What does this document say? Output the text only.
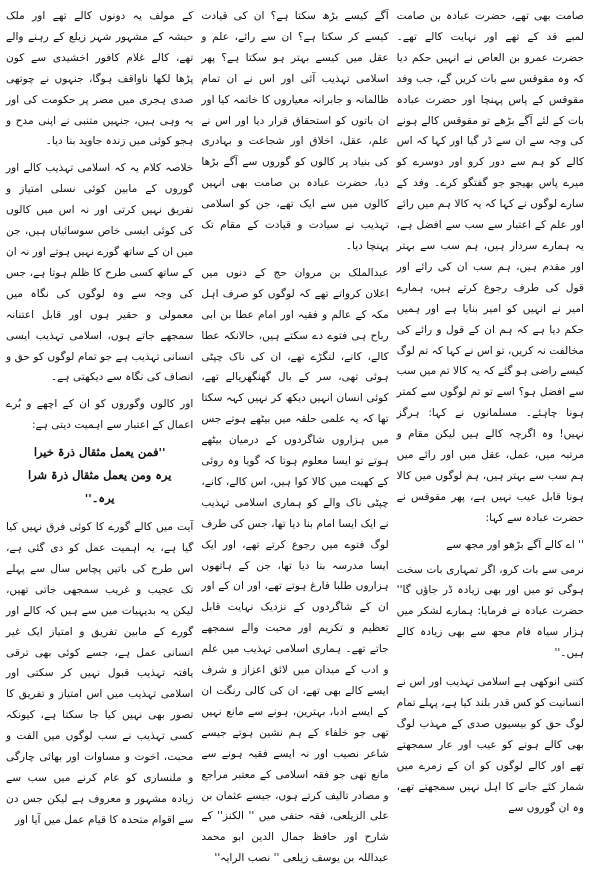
صامت بھی تھے، حضرت عبادہ بن صامت لمبے قد کے تھے اور نہایت کالے تھے۔ حضرت عمرو بن العاص نے انہیں حکم دیا کہ وہ مقوقس سے بات کریں گے، جب وفد مقوقس کے پاس پہنچا اور حضرت عبادہ بات کے لئے آگے بڑھے تو مقوقس کالے ہونے کی وجہ سے ان سے ڈر گیا اور کہا کہ اس کالے کو ہم سے دور کرو اور دوسرے کو میرے پاس بھیجو جو گفتگو کرے۔ وفد کے سارے لوگوں نے کہا کہ یہ کالا ہم میں رائے اور علم کے اعتبار سے سب سے افضل ہے، یہ ہمارے سردار ہیں، ہم سب سے بہتر اور مقدم ہیں، ہم سب ان کی رائے اور قول کی طرف رجوع کرتے ہیں، ہمارے امیر نے انہیں کو امیر بنایا ہے اور ہمیں حکم دیا ہے کہ ہم ان کے قول و رائے کی مخالفت نہ کریں، تو اس نے کہا کہ تم لوگ کیسے راضی ہو گئے کہ یہ کالا تم میں سب سے افضل ہو؟ اسے تو تم لوگوں سے کمتر ہونا چاہئے۔ مسلمانوں نے کہا: ہرگز نہیں! وہ اگرچہ کالے ہیں لیکن مقام و مرتبہ میں، عمل، عقل میں اور رائے میں ہم سب سے بہتر ہیں، ہم لوگوں میں کالا ہونا قابل عیب نہیں ہے، پھر مقوقس نے حضرت عبادہ سے کہا:

'' اے کالے آگے بڑھو اور مجھ سے

نرمی سے بات کرو، اگر تمہاری بات سخت ہوگی تو میں اور بھی زیادہ ڈر جاؤں گا'' حضرت عبادہ نے فرمایا: ہمارے لشکر میں ہزار سیاہ فام مجھ سے بھی زیادہ کالے ہیں۔''

کتنی انوکھی ہے اسلامی تہذیب اور اس نے انسانیت کو کس قدر بلند کیا ہے، پہلے تمام لوگ حق کو بیسیوں صدی کے مہذب لوگ بھی کالے ہونے کو عیب اور عار سمجھتے تھے اور کالے لوگوں کو ان کے زمرے میں شمار کئے جانے کا اہل نہیں سمجھتے تھے، وہ ان گوروں سے

آگے کیسے بڑھ سکتا ہے؟ ان کی قیادت کیسے کر سکتا ہے؟ ان سے رائے، علم و عقل میں کیسے بہتر ہو سکتا ہے؟ پھر اسلامی تہذیب آئی اور اس نے ان تمام ظالمانہ و جابرانہ معیاروں کا خاتمہ کیا اور ان باتوں کو استحقاق قرار دیا اور اس نے علم، عقل، اخلاق اور شجاعت و بہادری کی بنیاد پر کالوں کو گوروں سے آگے بڑھا دیا، حضرت عبادہ بن صامت بھی انہیں کالوں میں سے ایک تھے، جن کو اسلامی تہذیب نے سیادت و قیادت کے مقام تک پہنچا دیا۔

عبدالملک بن مروان حج کے دنوں میں اعلان کرواتے تھے کہ لوگوں کو صرف اہل مکہ کے عالم و فقیہ اور امام عطا بن ابی رباح ہی فتوے دے سکتے ہیں، حالانکہ عطا کالے، کانے، لنگڑے تھے، ان کی ناک چپٹی ہوئی تھی، سر کے بال گھنگھریالے تھے، کوئی انسان انہیں دیکھ کر نہیں کہہ سکتا تھا کہ یہ علمی حلقہ میں بیٹھے ہوتے جس میں ہزاروں شاگردوں کے درمیان بیٹھے ہوتے تو ایسا معلوم ہوتا کہ گویا وہ روئی کے کھیت میں کالا کوا ہیں، اس کالے، کانے، چپٹی ناک والے کو ہماری اسلامی تہذیب نے ایک ایسا امام بنا دیا تھا، جس کی طرف لوگ فتوے میں رجوع کرتے تھے، اور ایک ایسا مدرسہ بنا دیا تھا، جن کے ہاتھوں ہزاروں طلبا فارغ ہوتے تھے، اور ان کے اور ان کے شاگردوں کے نزدیک نہایت قابل تعظیم و تکریم اور محبت والے سمجھے جاتے تھے۔ ہماری اسلامی تہذیب میں علم و ادب کے میدان میں لائق اعزاز و شرف ایسے کالے بھی تھے، ان کی کالی رنگت ان کے ایسے ادبا، بہترین، ہونے سے مانع نہیں تھی جو خلفاء کے ہم نشین ہوتے جیسے شاعر نصیب اور نہ ایسے فقیہ ہونے سے مانع تھی جو فقہ اسلامی کے معتبر مراجع و مصادر تالیف کرتے ہوں، جیسے عثمان بن علی الزیلعی، فقہ حنفی میں '' الکنز'' کے شارح اور حافظ جمال الدین ابو محمد عبداللہ بن یوسف زیلعی '' نصب الرایہ''

کے مولف یہ دونوں کالے تھے اور ملک حبشہ کے مشہور شہر زیلع کے رہنے والے تھے، کالے غلام کافور اخشیدی سے کون پڑھا لکھا ناواقف ہوگا، جنہوں نے چوتھی صدی ہجری میں مصر پر حکومت کی اور یہ وہی ہیں، جنہیں متنبی نے اپنی مدح و ہجو کوئی میں زندہ جاوید بنا دیا۔

خلاصہ کلام یہ کہ اسلامی تہذیب کالے اور گوروں کے مابین کوئی نسلی امتیاز و تفریق نہیں کرتی اور نہ اس میں کالوں کی کوئی ایسی خاص سوسائیاں ہیں، جن میں ان کے ساتھ گورے نہیں ہوتے اور نہ ان کے ساتھ کسی طرح کا ظلم ہوتا ہے، جس کی وجہ سے وہ لوگوں کی نگاہ میں معمولی و حقیر ہوں اور قابل اعتنانہ سمجھے جاتے ہوں، اسلامی تہذیب ایسی انسانی تہذیب ہے جو تمام لوگوں کو حق و انصاف کی نگاہ سے دیکھتی ہے۔

اور کالوں وگوروں کو ان کے اچھے و بُرے اعمال کے اعتبار سے اہمیت دیتی ہے:

''فمن یعمل مثقال ذرۃ خیرا
یرہ ومن یعمل مثقال ذرۃ شرا
یرہ۔''

آیت میں کالے گورے کا کوئی فرق نہیں کیا گیا ہے، یہ اہمیت عمل کو دی گئی ہے، اس طرح کی باتیں پچاس سال سے پہلے تک عجیب و غریب سمجھی جاتی تھیں، لیکن یہ بدیہیات میں سے ہیں کہ کالے اور گورے کے مابین تفریق و امتیاز ایک غیر انسانی عمل ہے، جسے کوئی بھی ترقی یافتہ تہذیب قبول نہیں کر سکتی اور اسلامی تہذیب میں اس امتیاز و تفریق کا تصور بھی نہیں کیا جا سکتا ہے، کیونکہ کسی تہذیب نے سب لوگوں میں الفت و محبت، اخوت و مساوات اور بھائی چارگی و ملنساری کو عام کرنے میں سب سے زیادہ مشہور و معروف ہے لیکن جس دن سے اقوام متحدہ کا قیام عمل میں آیا اور
